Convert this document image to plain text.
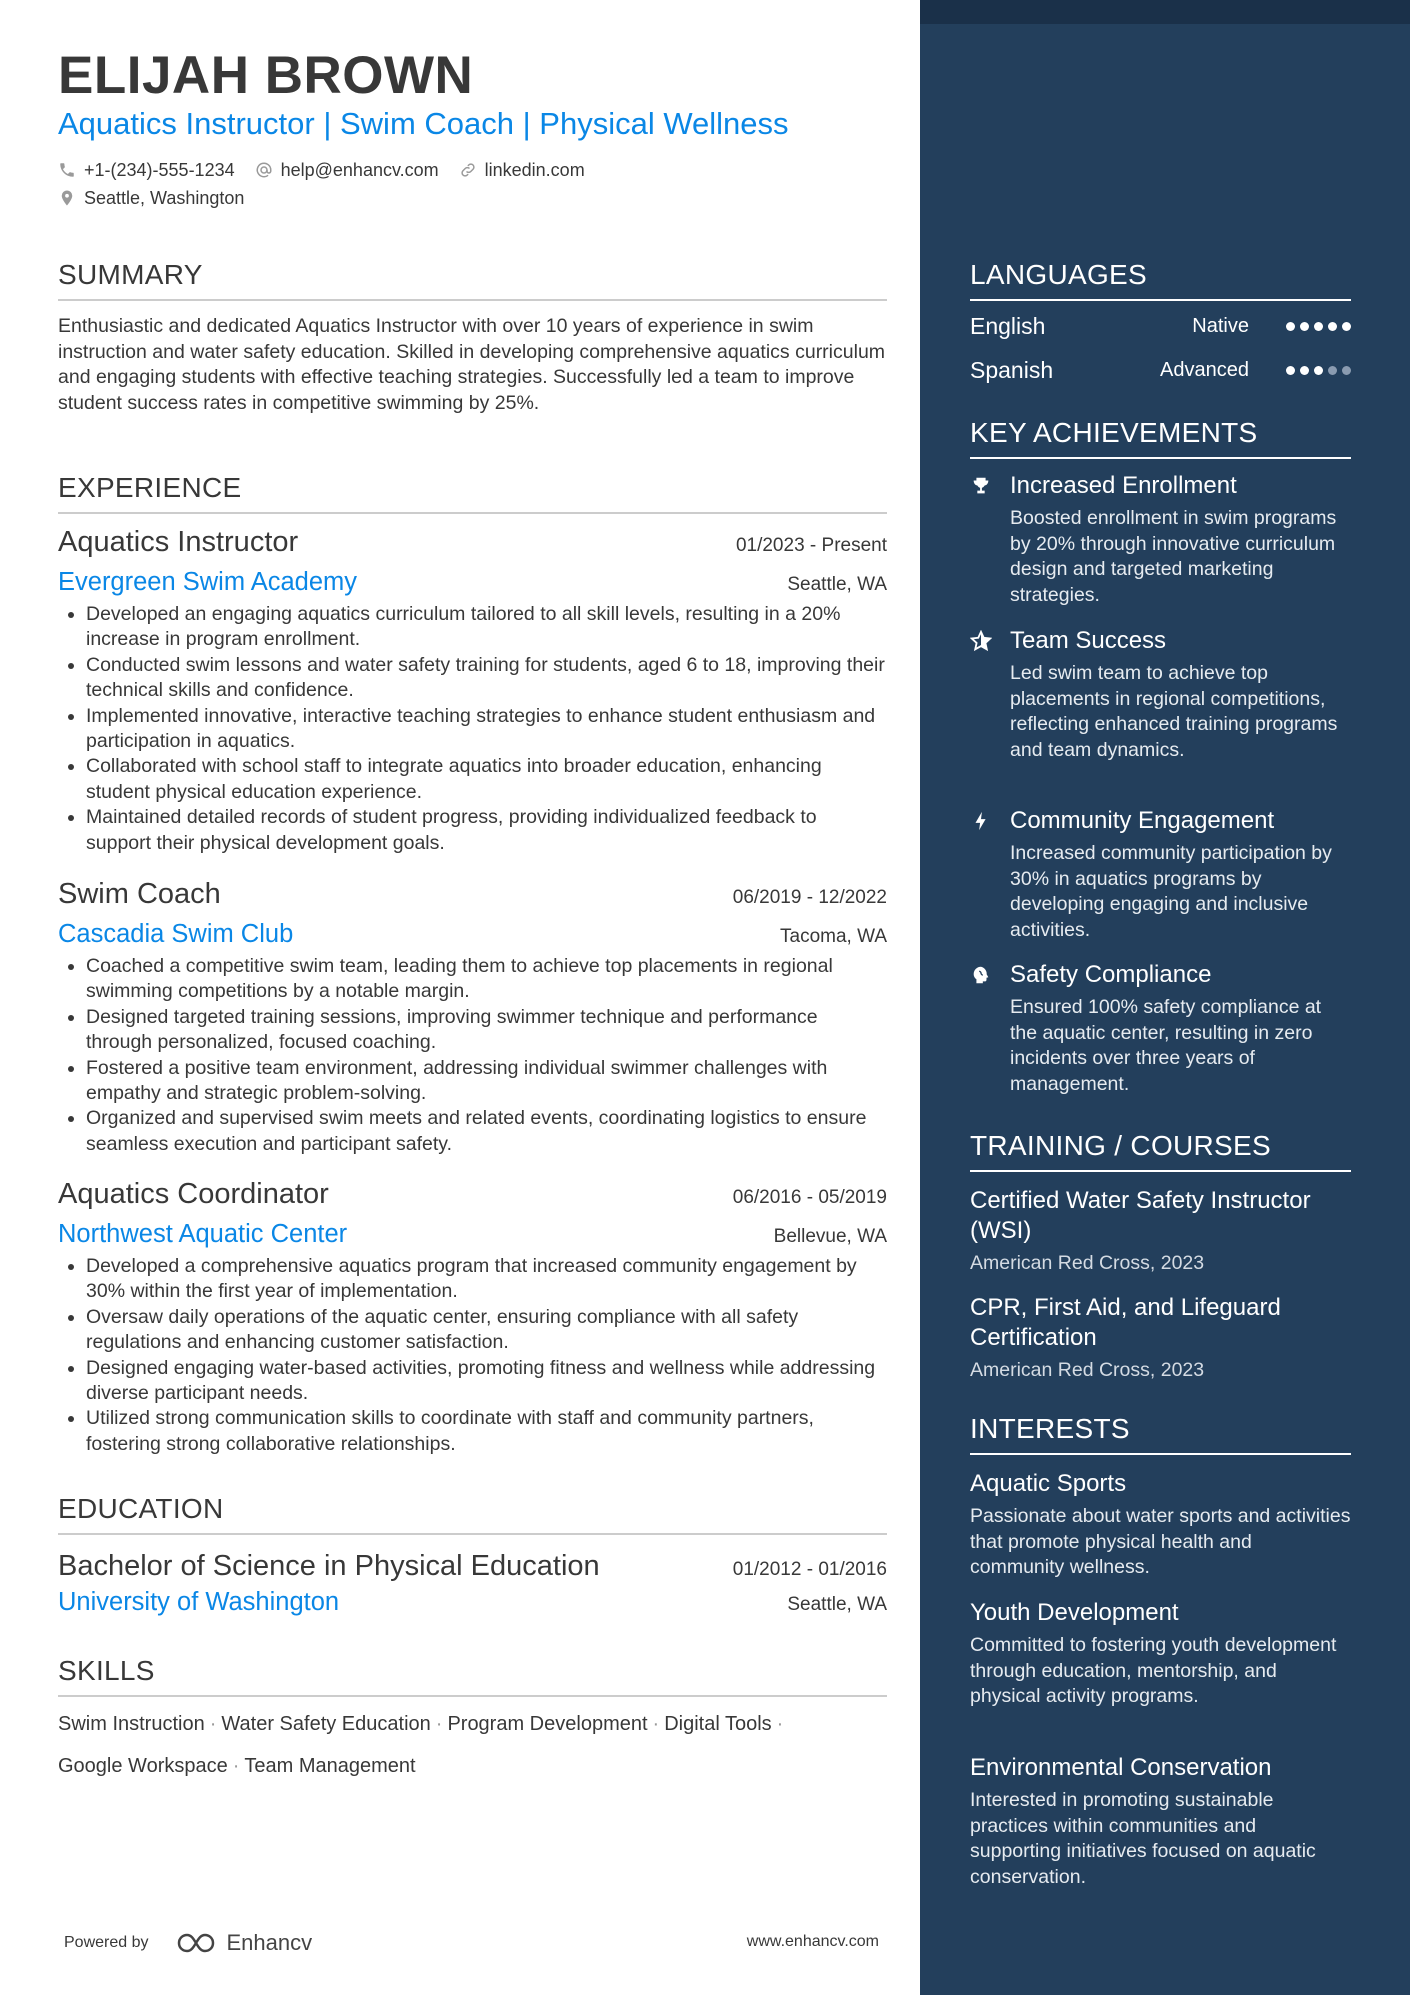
ELIJAH BROWN
Aquatics Instructor | Swim Coach | Physical Wellness
+1-(234)-555-1234	help@enhancv.com	linkedin.com
Seattle, Washington
SUMMARY
Enthusiastic and dedicated Aquatics Instructor with over 10 years of experience in swim instruction and water safety education. Skilled in developing comprehensive aquatics curriculum and engaging students with effective teaching strategies. Successfully led a team to improve student success rates in competitive swimming by 25%.
EXPERIENCE
Aquatics Instructor	01/2023 - Present
Evergreen Swim Academy	Seattle, WA
• Developed an engaging aquatics curriculum tailored to all skill levels, resulting in a 20% increase in program enrollment.
• Conducted swim lessons and water safety training for students, aged 6 to 18, improving their technical skills and confidence.
• Implemented innovative, interactive teaching strategies to enhance student enthusiasm and participation in aquatics.
• Collaborated with school staff to integrate aquatics into broader education, enhancing student physical education experience.
• Maintained detailed records of student progress, providing individualized feedback to support their physical development goals.
Swim Coach	06/2019 - 12/2022
Cascadia Swim Club	Tacoma, WA
• Coached a competitive swim team, leading them to achieve top placements in regional swimming competitions by a notable margin.
• Designed targeted training sessions, improving swimmer technique and performance through personalized, focused coaching.
• Fostered a positive team environment, addressing individual swimmer challenges with empathy and strategic problem-solving.
• Organized and supervised swim meets and related events, coordinating logistics to ensure seamless execution and participant safety.
Aquatics Coordinator	06/2016 - 05/2019
Northwest Aquatic Center	Bellevue, WA
• Developed a comprehensive aquatics program that increased community engagement by 30% within the first year of implementation.
• Oversaw daily operations of the aquatic center, ensuring compliance with all safety regulations and enhancing customer satisfaction.
• Designed engaging water-based activities, promoting fitness and wellness while addressing diverse participant needs.
• Utilized strong communication skills to coordinate with staff and community partners, fostering strong collaborative relationships.
EDUCATION
Bachelor of Science in Physical Education	01/2012 - 01/2016
University of Washington	Seattle, WA
SKILLS
Swim Instruction · Water Safety Education · Program Development · Digital Tools ·
Google Workspace · Team Management
Powered by	Enhancv	www.enhancv.com
LANGUAGES
English	Native
Spanish	Advanced
KEY ACHIEVEMENTS
Increased Enrollment
Boosted enrollment in swim programs by 20% through innovative curriculum design and targeted marketing strategies.
Team Success
Led swim team to achieve top placements in regional competitions, reflecting enhanced training programs and team dynamics.
Community Engagement
Increased community participation by 30% in aquatics programs by developing engaging and inclusive activities.
Safety Compliance
Ensured 100% safety compliance at the aquatic center, resulting in zero incidents over three years of management.
TRAINING / COURSES
Certified Water Safety Instructor (WSI)
American Red Cross, 2023
CPR, First Aid, and Lifeguard Certification
American Red Cross, 2023
INTERESTS
Aquatic Sports
Passionate about water sports and activities that promote physical health and community wellness.
Youth Development
Committed to fostering youth development through education, mentorship, and physical activity programs.
Environmental Conservation
Interested in promoting sustainable practices within communities and supporting initiatives focused on aquatic conservation.
